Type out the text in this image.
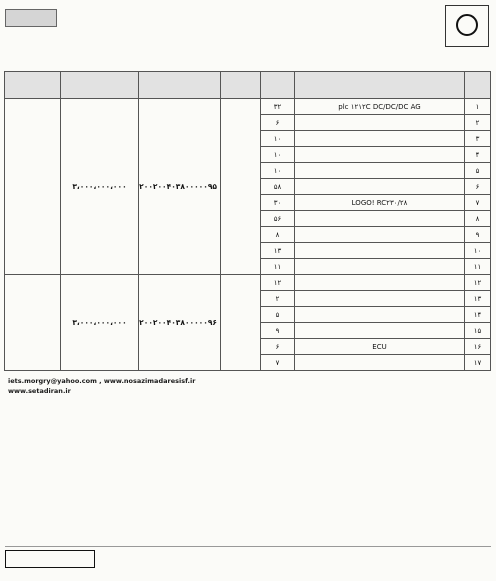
۱	plc ۱۲۱۲C DC/DC/DC AG	۳۲		۲۰۰۲۰۰۴۰۳۸۰۰۰۰۰۹۵	۳،۰۰۰،۰۰۰،۰۰۰	
۲		۶				
۳		۱۰				
۴		۱۰				
۵		۱۰				
۶		۵۸				
۷	LOGO! RC۲۳۰/۲۸	۳۰				
۸		۵۶				
۹		۸				
۱۰		۱۳				
۱۱		۱۱				
۱۲		۱۲		۲۰۰۲۰۰۴۰۳۸۰۰۰۰۰۹۶	۳،۰۰۰،۰۰۰،۰۰۰	
۱۳		۲				
۱۴		۵				
۱۵		۹				
۱۶	ECU	۶				
۱۷		۷				

iets.morgry@yahoo.com , www.nosazimadaresisf.ir

www.setadiran.ir
